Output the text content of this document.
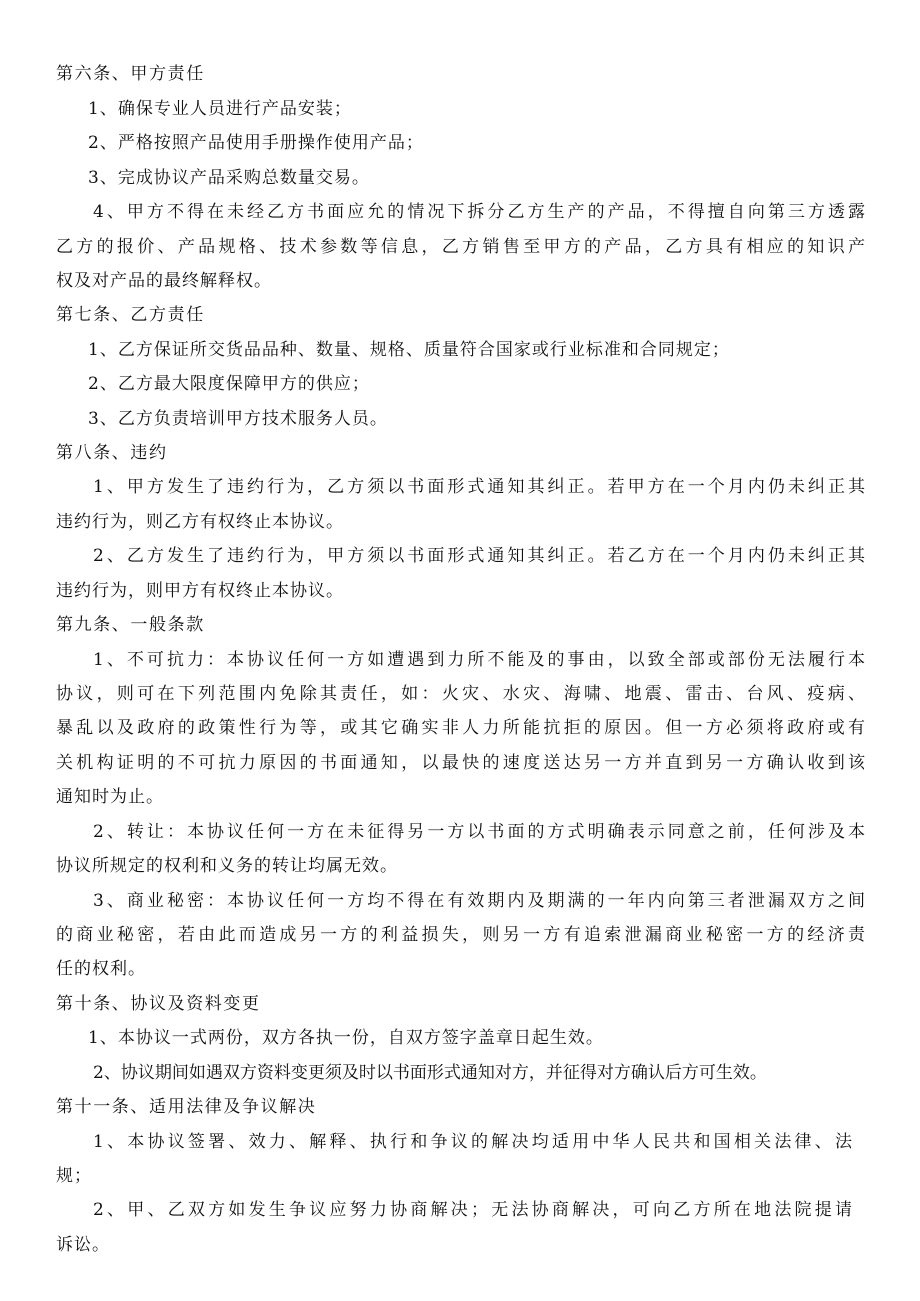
第六条、甲方责任
1、确保专业人员进行产品安装；
2、严格按照产品使用手册操作使用产品；
3、完成协议产品采购总数量交易。
4、甲方不得在未经乙方书面应允的情况下拆分乙方生产的产品，不得擅自向第三方透露
乙方的报价、产品规格、技术参数等信息，乙方销售至甲方的产品，乙方具有相应的知识产
权及对产品的最终解释权。
第七条、乙方责任
1、乙方保证所交货品品种、数量、规格、质量符合国家或行业标准和合同规定；
2、乙方最大限度保障甲方的供应；
3、乙方负责培训甲方技术服务人员。
第八条、违约
1、甲方发生了违约行为，乙方须以书面形式通知其纠正。若甲方在一个月内仍未纠正其
违约行为，则乙方有权终止本协议。
2、乙方发生了违约行为，甲方须以书面形式通知其纠正。若乙方在一个月内仍未纠正其
违约行为，则甲方有权终止本协议。
第九条、一般条款
1、不可抗力：本协议任何一方如遭遇到力所不能及的事由，以致全部或部份无法履行本
协议，则可在下列范围内免除其责任，如：火灾、水灾、海啸、地震、雷击、台风、疫病、
暴乱以及政府的政策性行为等，或其它确实非人力所能抗拒的原因。但一方必须将政府或有
关机构证明的不可抗力原因的书面通知，以最快的速度送达另一方并直到另一方确认收到该
通知时为止。
2、转让：本协议任何一方在未征得另一方以书面的方式明确表示同意之前，任何涉及本
协议所规定的权利和义务的转让均属无效。
3、商业秘密：本协议任何一方均不得在有效期内及期满的一年内向第三者泄漏双方之间
的商业秘密，若由此而造成另一方的利益损失，则另一方有追索泄漏商业秘密一方的经济责
任的权利。
第十条、协议及资料变更
1、本协议一式两份，双方各执一份，自双方签字盖章日起生效。
2、协议期间如遇双方资料变更须及时以书面形式通知对方，并征得对方确认后方可生效。
第十一条、适用法律及争议解决
1、本协议签署、效力、解释、执行和争议的解决均适用中华人民共和国相关法律、法
规；
2、甲、乙双方如发生争议应努力协商解决；无法协商解决，可向乙方所在地法院提请
诉讼。
